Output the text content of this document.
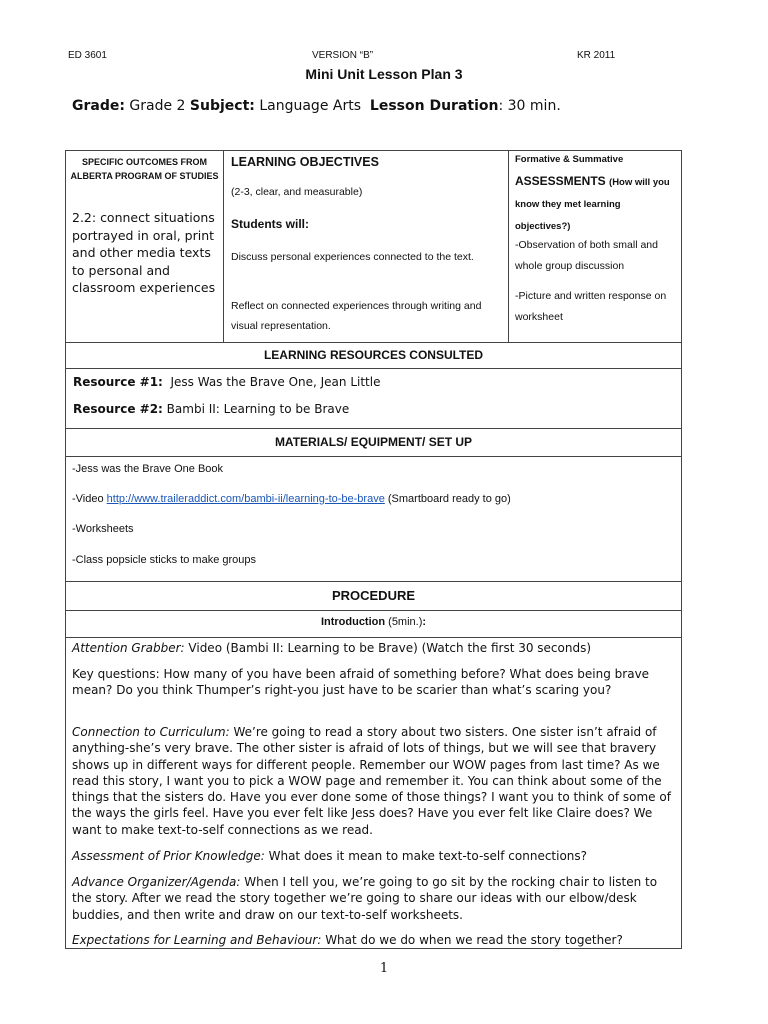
ED 3601	VERSION “B”	KR 2011
Mini Unit Lesson Plan 3
Grade: Grade 2 Subject: Language Arts Lesson Duration: 30 min.
SPECIFIC OUTCOMES FROM ALBERTA PROGRAM OF STUDIES
2.2: connect situations portrayed in oral, print and other media texts to personal and classroom experiences
LEARNING OBJECTIVES
(2-3, clear, and measurable)
Students will:
Discuss personal experiences connected to the text.
Reflect on connected experiences through writing and visual representation.
Formative & Summative
ASSESSMENTS (How will you know they met learning objectives?)
-Observation of both small and whole group discussion
-Picture and written response on worksheet
LEARNING RESOURCES CONSULTED
Resource #1:  Jess Was the Brave One, Jean Little
Resource #2: Bambi II: Learning to be Brave
MATERIALS/ EQUIPMENT/ SET UP
-Jess was the Brave One Book
-Video http://www.traileraddict.com/bambi-ii/learning-to-be-brave (Smartboard ready to go)
-Worksheets
-Class popsicle sticks to make groups
PROCEDURE
Introduction (5min.):
Attention Grabber: Video (Bambi II: Learning to be Brave) (Watch the first 30 seconds)
Key questions: How many of you have been afraid of something before? What does being brave mean? Do you think Thumper’s right-you just have to be scarier than what’s scaring you?
Connection to Curriculum: We’re going to read a story about two sisters. One sister isn’t afraid of anything-she’s very brave. The other sister is afraid of lots of things, but we will see that bravery shows up in different ways for different people. Remember our WOW pages from last time? As we read this story, I want you to pick a WOW page and remember it. You can think about some of the things that the sisters do. Have you ever done some of those things? I want you to think of some of the ways the girls feel. Have you ever felt like Jess does? Have you ever felt like Claire does? We want to make text-to-self connections as we read.
Assessment of Prior Knowledge: What does it mean to make text-to-self connections?
Advance Organizer/Agenda: When I tell you, we’re going to go sit by the rocking chair to listen to the story. After we read the story together we’re going to share our ideas with our elbow/desk buddies, and then write and draw on our text-to-self worksheets.
Expectations for Learning and Behaviour: What do we do when we read the story together?
1
